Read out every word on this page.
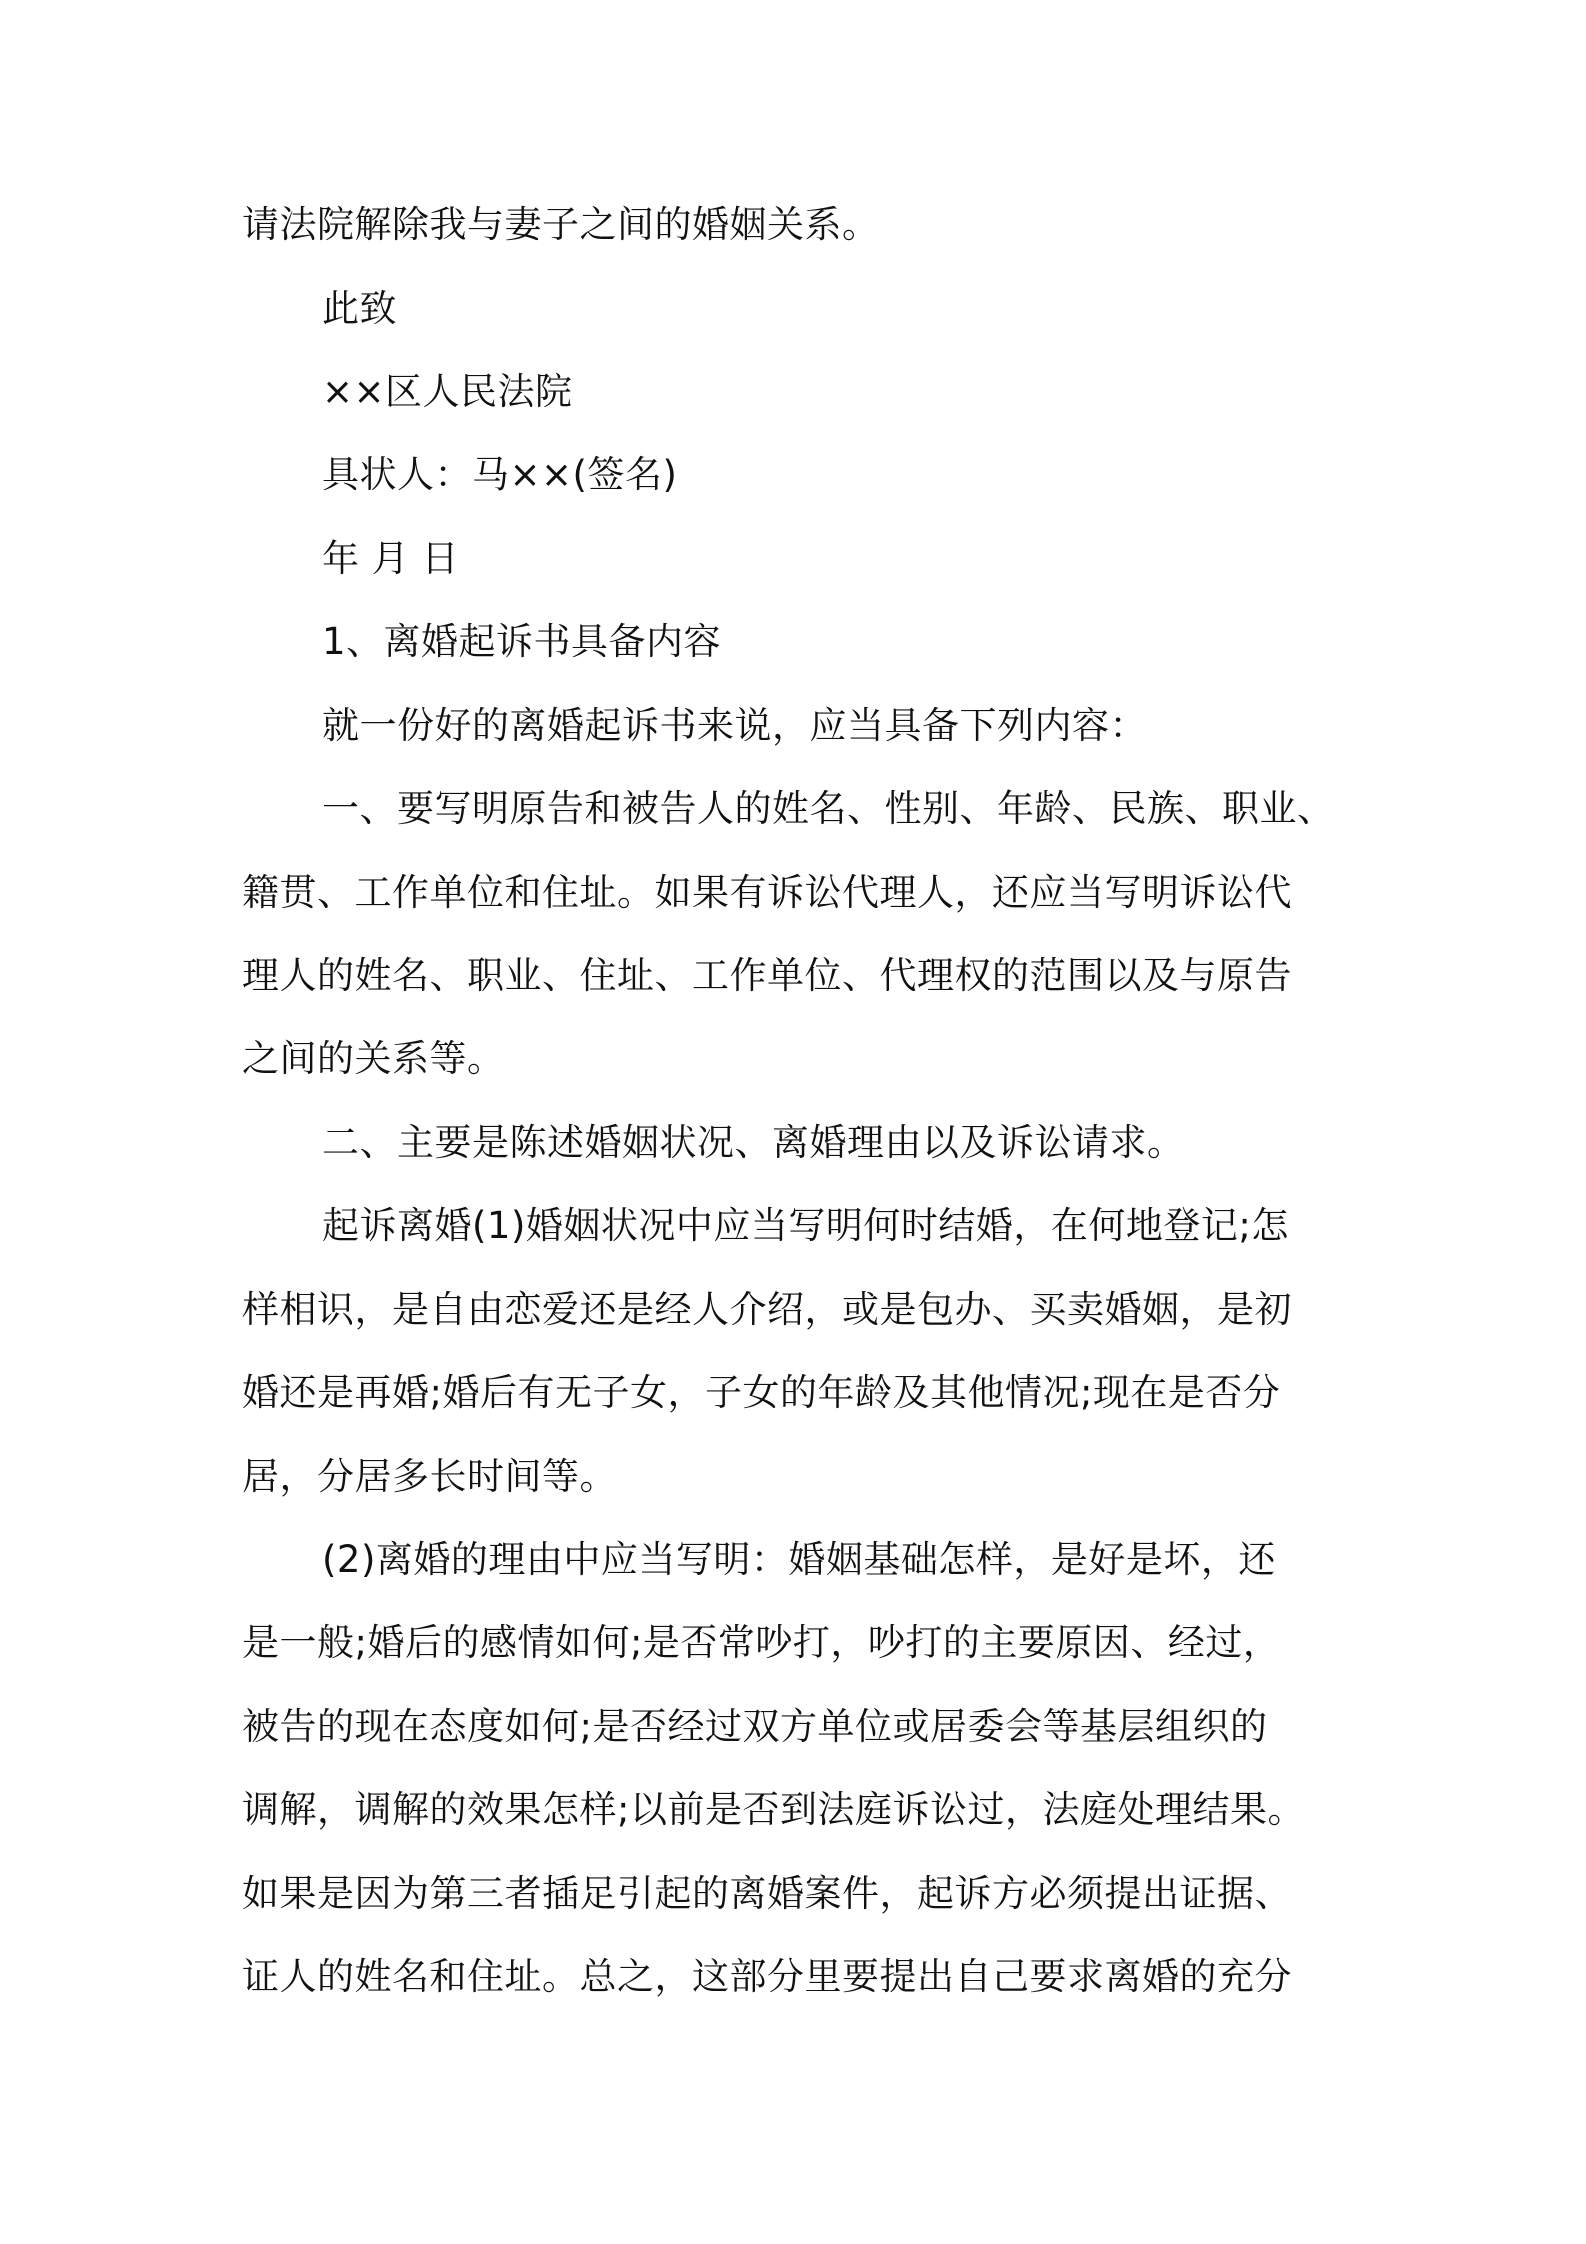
请法院解除我与妻子之间的婚姻关系。
此致
××区人民法院
具状人：马××(签名)
年 月 日
1、离婚起诉书具备内容
就一份好的离婚起诉书来说，应当具备下列内容：
一、要写明原告和被告人的姓名、性别、年龄、民族、职业、
籍贯、工作单位和住址。如果有诉讼代理人，还应当写明诉讼代
理人的姓名、职业、住址、工作单位、代理权的范围以及与原告
之间的关系等。
二、主要是陈述婚姻状况、离婚理由以及诉讼请求。
起诉离婚(1)婚姻状况中应当写明何时结婚，在何地登记;怎
样相识，是自由恋爱还是经人介绍，或是包办、买卖婚姻，是初
婚还是再婚;婚后有无子女，子女的年龄及其他情况;现在是否分
居，分居多长时间等。
(2)离婚的理由中应当写明：婚姻基础怎样，是好是坏，还
是一般;婚后的感情如何;是否常吵打，吵打的主要原因、经过，
被告的现在态度如何;是否经过双方单位或居委会等基层组织的
调解，调解的效果怎样;以前是否到法庭诉讼过，法庭处理结果。
如果是因为第三者插足引起的离婚案件，起诉方必须提出证据、
证人的姓名和住址。总之，这部分里要提出自己要求离婚的充分
